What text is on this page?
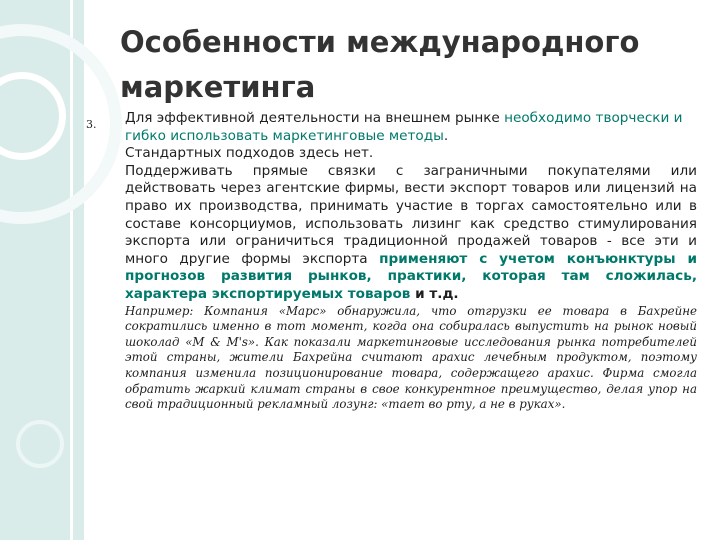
Особенности международного маркетинга
3. Для эффективной деятельности на внешнем рынке необходимо творчески и гибко использовать маркетинговые методы.

Стандартных подходов здесь нет.

Поддерживать прямые связки с заграничными покупателями или действовать через агентские фирмы, вести экспорт товаров или лицензий на право их производства, принимать участие в торгах самостоятельно или в составе консорциумов, использовать лизинг как средство стимулирования экспорта или ограничиться традиционной продажей товаров - все эти и много другие формы экспорта применяют с учетом конъюнктуры и прогнозов развития рынков, практики, которая там сложилась, характера экспортируемых товаров и т.д.

Например: Компания «Марс» обнаружила, что отгрузки ее товара в Бахрейне сократились именно в тот момент, когда она собиралась выпустить на рынок новый шоколад «M & M's». Как показали маркетинговые исследования рынка потребителей этой страны, жители Бахрейна считают арахис лечебным продуктом, поэтому компания изменила позиционирование товара, содержащего арахис. Фирма смогла обратить жаркий климат страны в свое конкурентное преимущество, делая упор на свой традиционный рекламный лозунг: «тает во рту, а не в руках».
